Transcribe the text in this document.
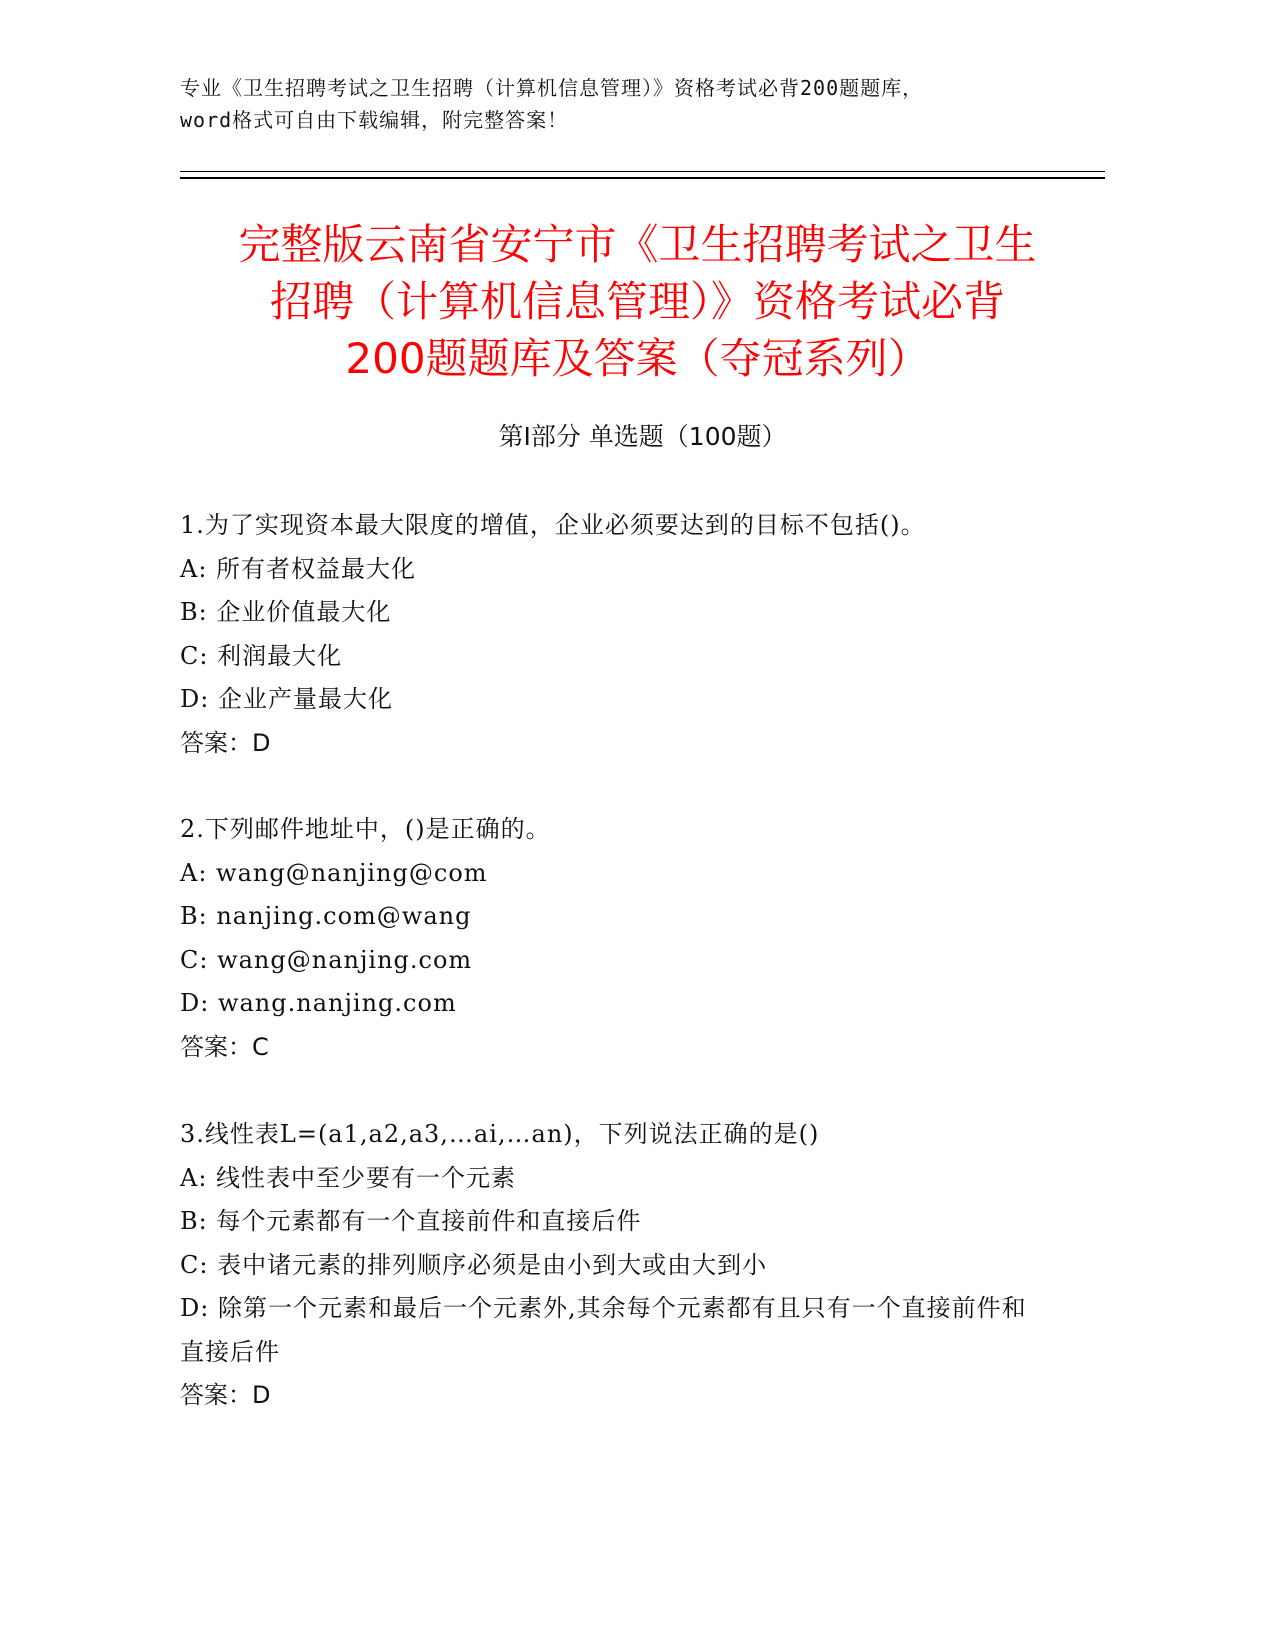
专业《卫生招聘考试之卫生招聘（计算机信息管理）》资格考试必背200题题库，
word格式可自由下载编辑，附完整答案！
完整版云南省安宁市《卫生招聘考试之卫生
招聘（计算机信息管理）》资格考试必背
200题题库及答案（夺冠系列）
第Ⅰ部分 单选题（100题）
1.为了实现资本最大限度的增值，企业必须要达到的目标不包括()。
A: 所有者权益最大化
B: 企业价值最大化
C: 利润最大化
D: 企业产量最大化
答案：D
2.下列邮件地址中，()是正确的。
A: wang@nanjing@com
B: nanjing.com@wang
C: wang@nanjing.com
D: wang.nanjing.com
答案：C
3.线性表L=(a1,a2,a3,…ai,…an)，下列说法正确的是()
A: 线性表中至少要有一个元素
B: 每个元素都有一个直接前件和直接后件
C: 表中诸元素的排列顺序必须是由小到大或由大到小
D: 除第一个元素和最后一个元素外,其余每个元素都有且只有一个直接前件和直接后件
答案：D
